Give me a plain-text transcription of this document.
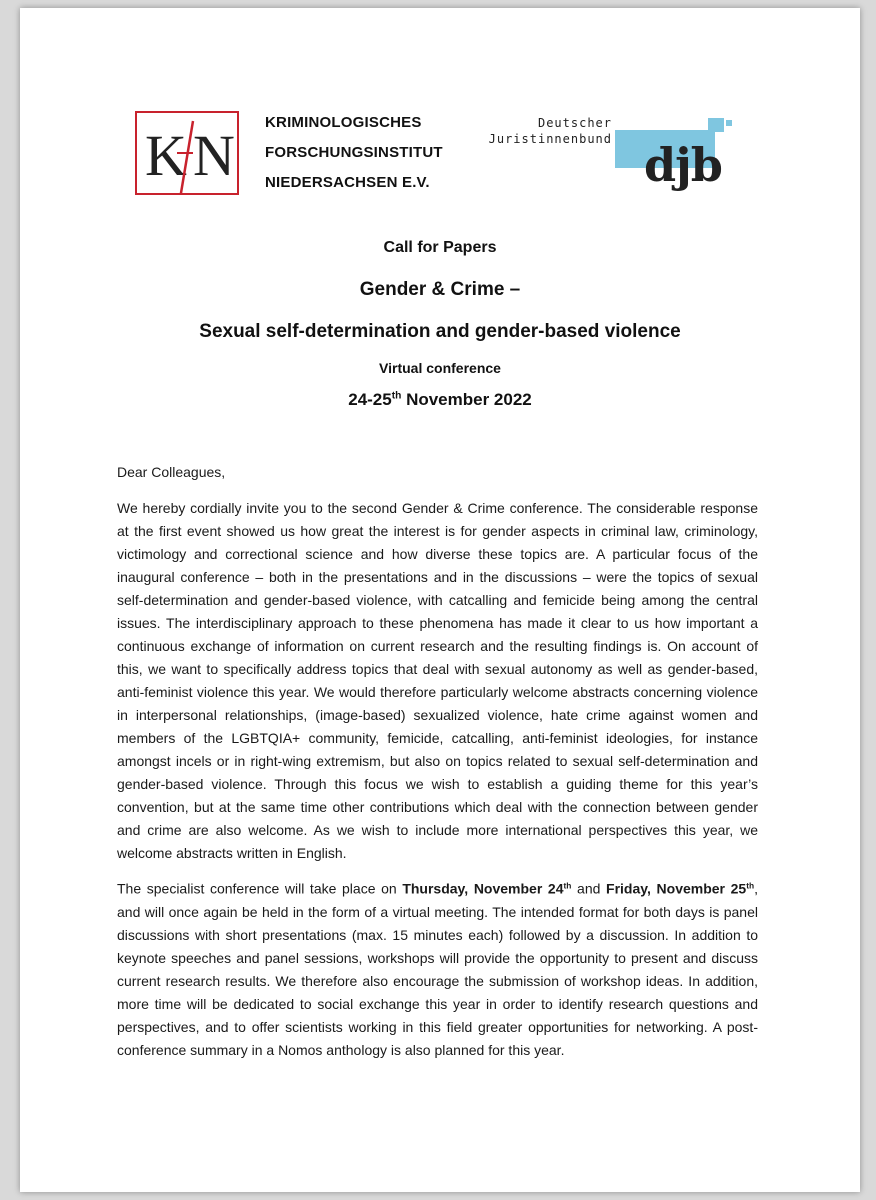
K N
KRIMINOLOGISCHES
FORSCHUNGSINSTITUT
NIEDERSACHSEN E.V.
Deutscher
Juristinnenbund djb
Call for Papers
Gender & Crime –
Sexual self-determination and gender-based violence
Virtual conference
24-25th November 2022

Dear Colleagues,

We hereby cordially invite you to the second Gender & Crime conference. The considerable response at the first event showed us how great the interest is for gender aspects in criminal law, criminology, victimology and correctional science and how diverse these topics are. A particular focus of the inaugural conference – both in the presentations and in the discussions – were the topics of sexual self-determination and gender-based violence, with catcalling and femicide being among the central issues. The interdisciplinary approach to these phenomena has made it clear to us how important a continuous exchange of information on current research and the resulting findings is. On account of this, we want to specifically address topics that deal with sexual autonomy as well as gender-based, anti-feminist violence this year. We would therefore particularly welcome abstracts concerning violence in interpersonal relationships, (image-based) sexualized violence, hate crime against women and members of the LGBTQIA+ community, femicide, catcalling, anti-feminist ideologies, for instance amongst incels or in right-wing extremism, but also on topics related to sexual self-determination and gender-based violence. Through this focus we wish to establish a guiding theme for this year’s convention, but at the same time other contributions which deal with the connection between gender and crime are also welcome. As we wish to include more international perspectives this year, we welcome abstracts written in English.

The specialist conference will take place on Thursday, November 24th and Friday, November 25th, and will once again be held in the form of a virtual meeting. The intended format for both days is panel discussions with short presentations (max. 15 minutes each) followed by a discussion. In addition to keynote speeches and panel sessions, workshops will provide the opportunity to present and discuss current research results. We therefore also encourage the submission of workshop ideas. In addition, more time will be dedicated to social exchange this year in order to identify research questions and perspectives, and to offer scientists working in this field greater opportunities for networking. A post-conference summary in a Nomos anthology is also planned for this year.
